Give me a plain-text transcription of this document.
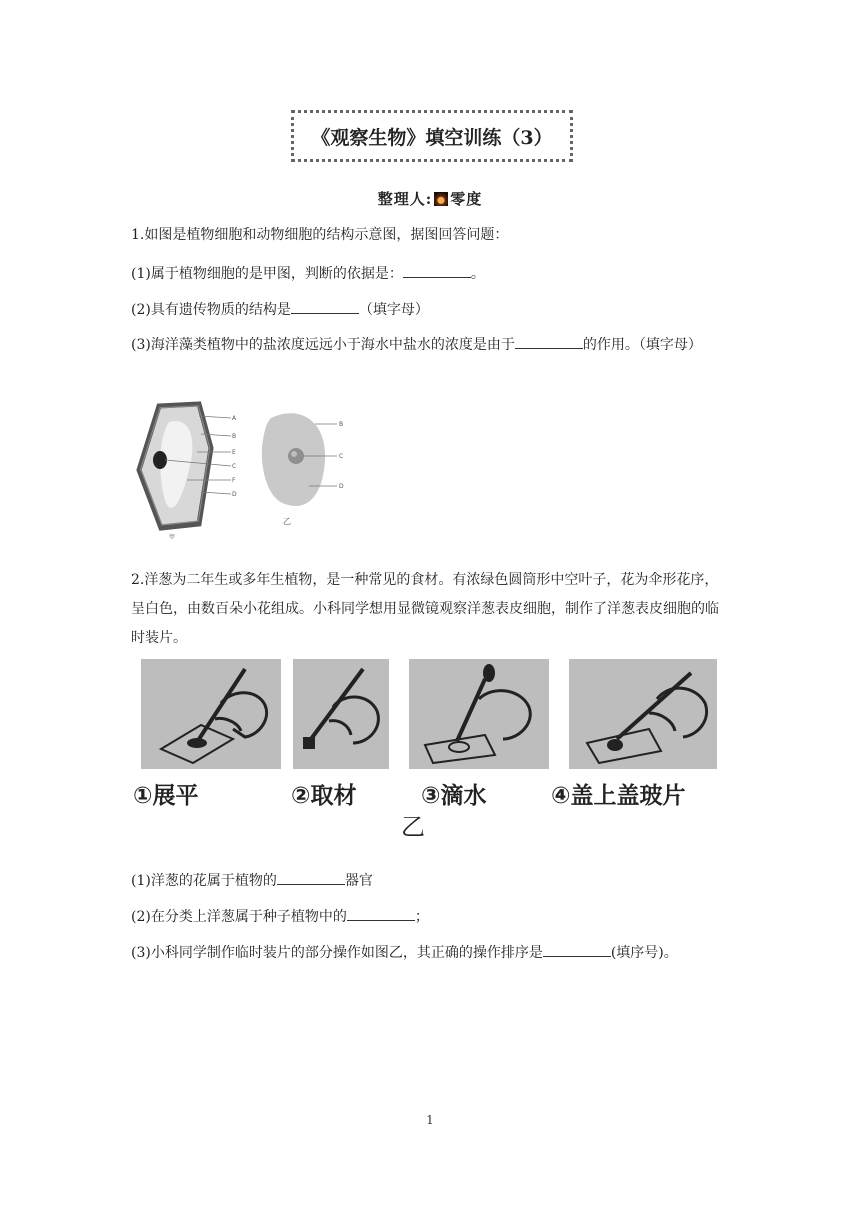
《观察生物》填空训练（3）
整理人: 零度
1.如图是植物细胞和动物细胞的结构示意图，据图回答问题：
(1)属于植物细胞的是甲图，判断的依据是：	。
(2)具有遗传物质的结构是	（填字母）
(3)海洋藻类植物中的盐浓度远远小于海水中盐水的浓度是由于	的作用。（填字母）
A
B
E
C
F
D
甲
B
C
D
乙
2.洋葱为二年生或多年生植物，是一种常见的食材。有浓绿色圆筒形中空叶子，花为伞形花序，呈白色，由数百朵小花组成。小科同学想用显微镜观察洋葱表皮细胞，制作了洋葱表皮细胞的临时装片。
①展平	②取材	③滴水	④盖上盖玻片
乙
(1)洋葱的花属于植物的	器官
(2)在分类上洋葱属于种子植物中的	；
(3)小科同学制作临时装片的部分操作如图乙，其正确的操作排序是	(填序号)。
1
